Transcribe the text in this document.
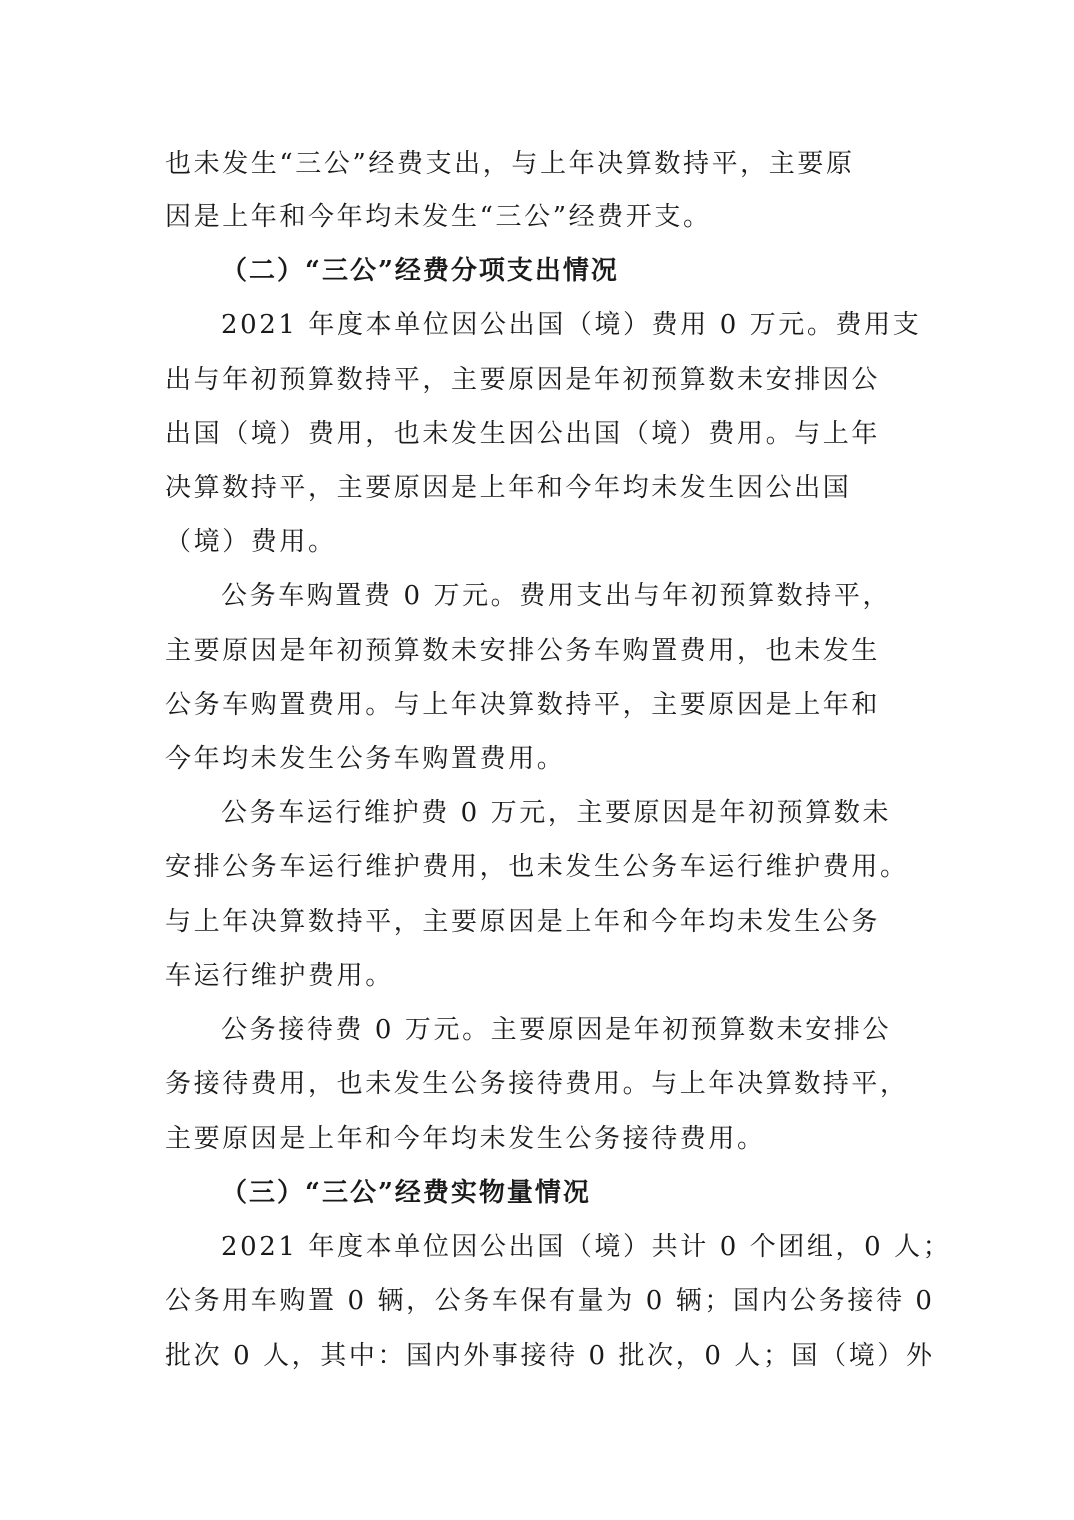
也未发生“三公”经费支出，与上年决算数持平，主要原
因是上年和今年均未发生“三公”经费开支。
（二）“三公”经费分项支出情况
2021 年度本单位因公出国（境）费用 0 万元。费用支
出与年初预算数持平，主要原因是年初预算数未安排因公
出国（境）费用，也未发生因公出国（境）费用。与上年
决算数持平，主要原因是上年和今年均未发生因公出国
（境）费用。
公务车购置费 0 万元。费用支出与年初预算数持平，
主要原因是年初预算数未安排公务车购置费用，也未发生
公务车购置费用。与上年决算数持平，主要原因是上年和
今年均未发生公务车购置费用。
公务车运行维护费 0 万元，主要原因是年初预算数未
安排公务车运行维护费用，也未发生公务车运行维护费用。
与上年决算数持平，主要原因是上年和今年均未发生公务
车运行维护费用。
公务接待费 0 万元。主要原因是年初预算数未安排公
务接待费用，也未发生公务接待费用。与上年决算数持平，
主要原因是上年和今年均未发生公务接待费用。
（三）“三公”经费实物量情况
2021 年度本单位因公出国（境）共计 0 个团组，0 人；
公务用车购置 0 辆，公务车保有量为 0 辆；国内公务接待 0
批次 0 人，其中：国内外事接待 0 批次，0 人；国（境）外
